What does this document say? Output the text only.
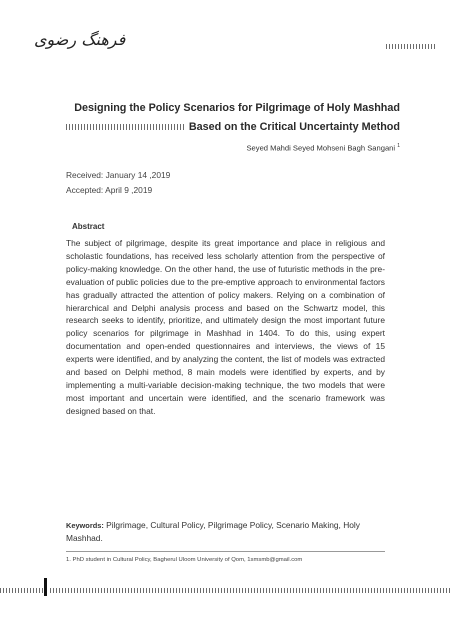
فرهنگ رضوی
Designing the Policy Scenarios for Pilgrimage of Holy Mashhad
Based on the Critical Uncertainty Method
Seyed Mahdi Seyed Mohseni Bagh Sangani $^1$
Received: January 14 ,2019
Accepted: April 9 ,2019
Abstract
The subject of pilgrimage, despite its great importance and place in religious and scholastic foundations, has received less scholarly attention from the perspective of policy-making knowledge. On the other hand, the use of futuristic methods in the pre-evaluation of public policies due to the pre-emptive approach to environmental factors has gradually attracted the attention of policy makers. Relying on a combination of hierarchical and Delphi analysis process and based on the Schwartz model, this research seeks to identify, prioritize, and ultimately design the most important future policy scenarios for pilgrimage in Mashhad in 1404. To do this, using expert documentation and open-ended questionnaires and interviews, the views of 15 experts were identified, and by analyzing the content, the list of models was extracted and based on Delphi method, 8 main models were identified by experts, and by implementing a multi-variable decision-making technique, the two models that were most important and uncertain were identified, and the scenario framework was designed based on that.
Keywords: Pilgrimage, Cultural Policy, Pilgrimage Policy, Scenario Making, Holy Mashhad.
1. PhD student in Cultural Policy, Bagherul Uloom University of Qom, 1smsmb@gmail.com
